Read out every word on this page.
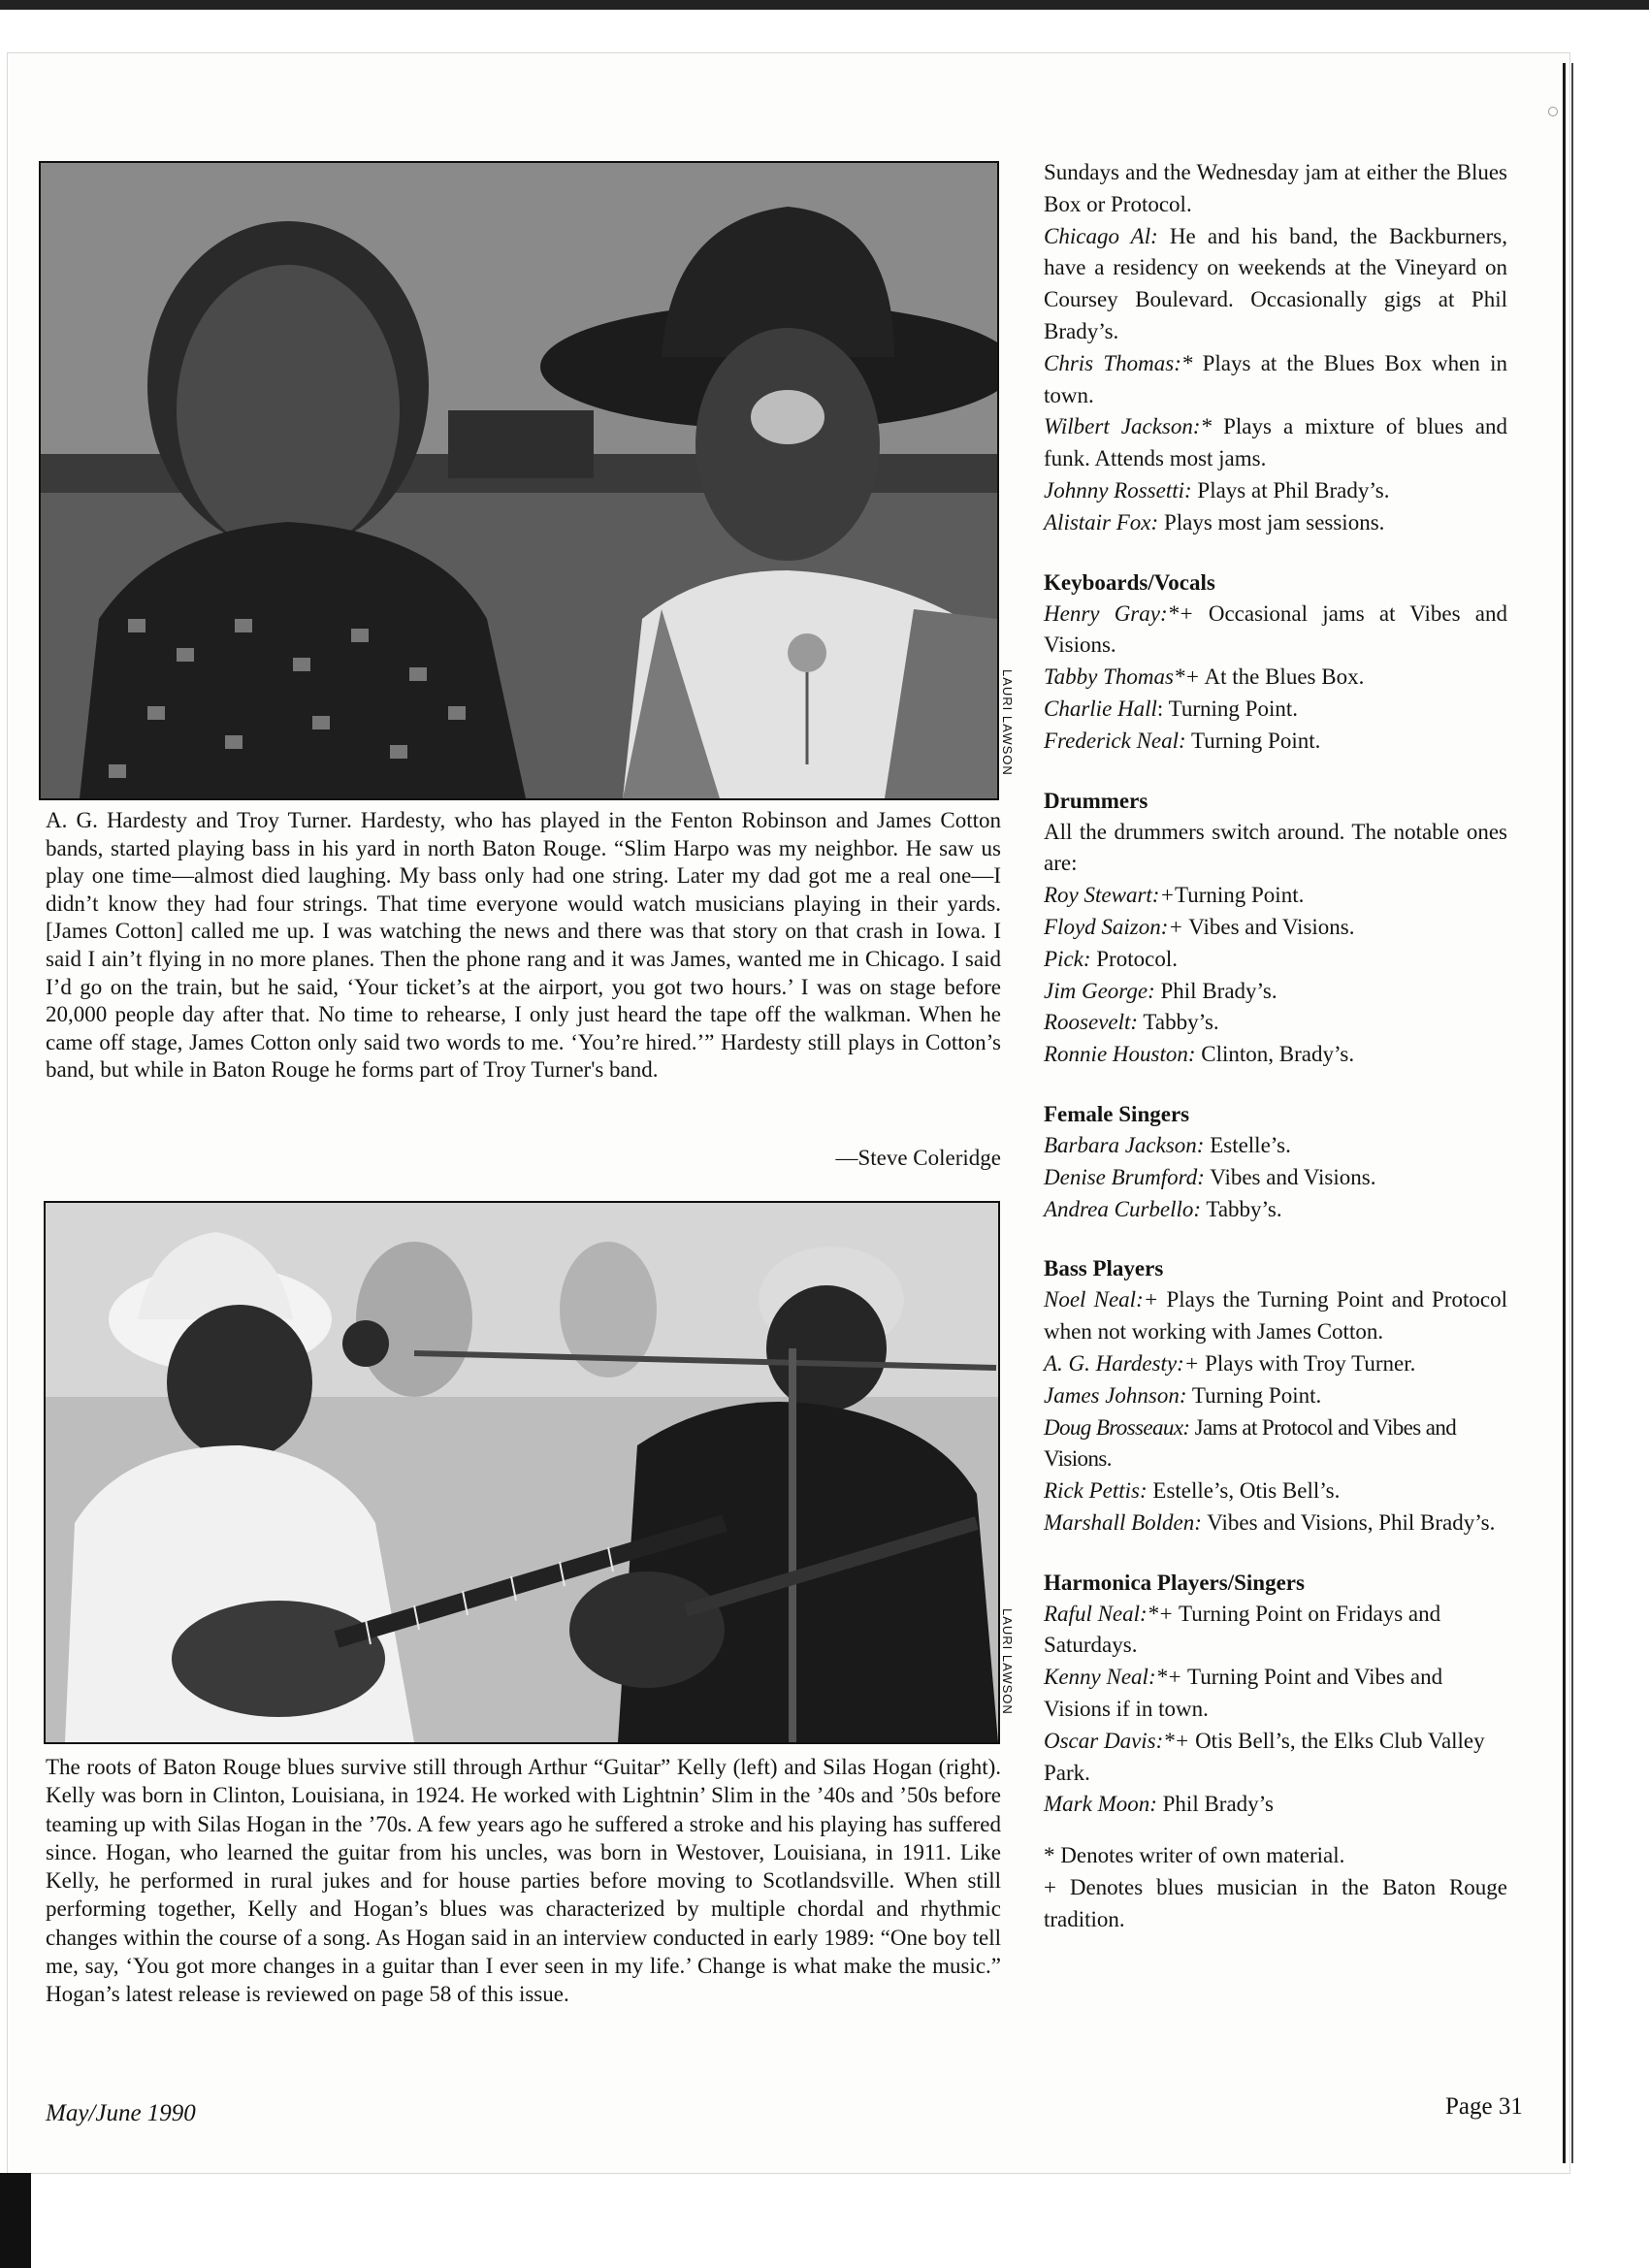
LAURI LAWSON

A. G. Hardesty and Troy Turner. Hardesty, who has played in the Fenton Robinson and James Cotton bands, started playing bass in his yard in north Baton Rouge. “Slim Harpo was my neighbor. He saw us play one time—almost died laughing. My bass only had one string. Later my dad got me a real one—I didn’t know they had four strings. That time everyone would watch musicians playing in their yards. [James Cotton] called me up. I was watching the news and there was that story on that crash in Iowa. I said I ain’t flying in no more planes. Then the phone rang and it was James, wanted me in Chicago. I said I’d go on the train, but he said, ‘Your ticket’s at the airport, you got two hours.’ I was on stage before 20,000 people day after that. No time to rehearse, I only just heard the tape off the walkman. When he came off stage, James Cotton only said two words to me. ‘You’re hired.’” Hardesty still plays in Cotton’s band, but while in Baton Rouge he forms part of Troy Turner's band.

—Steve Coleridge
LAURI LAWSON

The roots of Baton Rouge blues survive still through Arthur “Guitar” Kelly (left) and Silas Hogan (right). Kelly was born in Clinton, Louisiana, in 1924. He worked with Lightnin’ Slim in the ’40s and ’50s before teaming up with Silas Hogan in the ’70s. A few years ago he suffered a stroke and his playing has suffered since. Hogan, who learned the guitar from his uncles, was born in Westover, Louisiana, in 1911. Like Kelly, he performed in rural jukes and for house parties before moving to Scotlandsville. When still performing together, Kelly and Hogan’s blues was characterized by multiple chordal and rhythmic changes within the course of a song. As Hogan said in an interview conducted in early 1989: “One boy tell me, say, ‘You got more changes in a guitar than I ever seen in my life.’ Change is what make the music.” Hogan’s latest release is reviewed on page 58 of this issue.

Sundays and the Wednesday jam at either the Blues Box or Protocol.

Chicago Al: He and his band, the Backburners, have a residency on weekends at the Vineyard on Coursey Boulevard. Occasionally gigs at Phil Brady’s.

Chris Thomas:* Plays at the Blues Box when in town.

Wilbert Jackson:* Plays a mixture of blues and funk. Attends most jams.

Johnny Rossetti: Plays at Phil Brady’s.

Alistair Fox: Plays most jam sessions.

Keyboards/Vocals

Henry Gray:*+ Occasional jams at Vibes and Visions.

Tabby Thomas*+ At the Blues Box.

Charlie Hall: Turning Point.

Frederick Neal: Turning Point.

Drummers

All the drummers switch around. The notable ones are:

Roy Stewart:+Turning Point.

Floyd Saizon:+ Vibes and Visions.

Pick: Protocol.

Jim George: Phil Brady’s.

Roosevelt: Tabby’s.

Ronnie Houston: Clinton, Brady’s.

Female Singers

Barbara Jackson: Estelle’s.

Denise Brumford: Vibes and Visions.

Andrea Curbello: Tabby’s.

Bass Players

Noel Neal:+ Plays the Turning Point and Protocol when not working with James Cotton.

A. G. Hardesty:+ Plays with Troy Turner.

James Johnson: Turning Point.

Doug Brosseaux: Jams at Protocol and Vibes and Visions.

Rick Pettis: Estelle’s, Otis Bell’s.

Marshall Bolden: Vibes and Visions, Phil Brady’s.

Harmonica Players/Singers

Raful Neal:*+ Turning Point on Fridays and Saturdays.

Kenny Neal:*+ Turning Point and Vibes and Visions if in town.

Oscar Davis:*+ Otis Bell’s, the Elks Club Valley Park.

Mark Moon: Phil Brady’s

* Denotes writer of own material.

+ Denotes blues musician in the Baton Rouge tradition.

May/June 1990	Page 31
